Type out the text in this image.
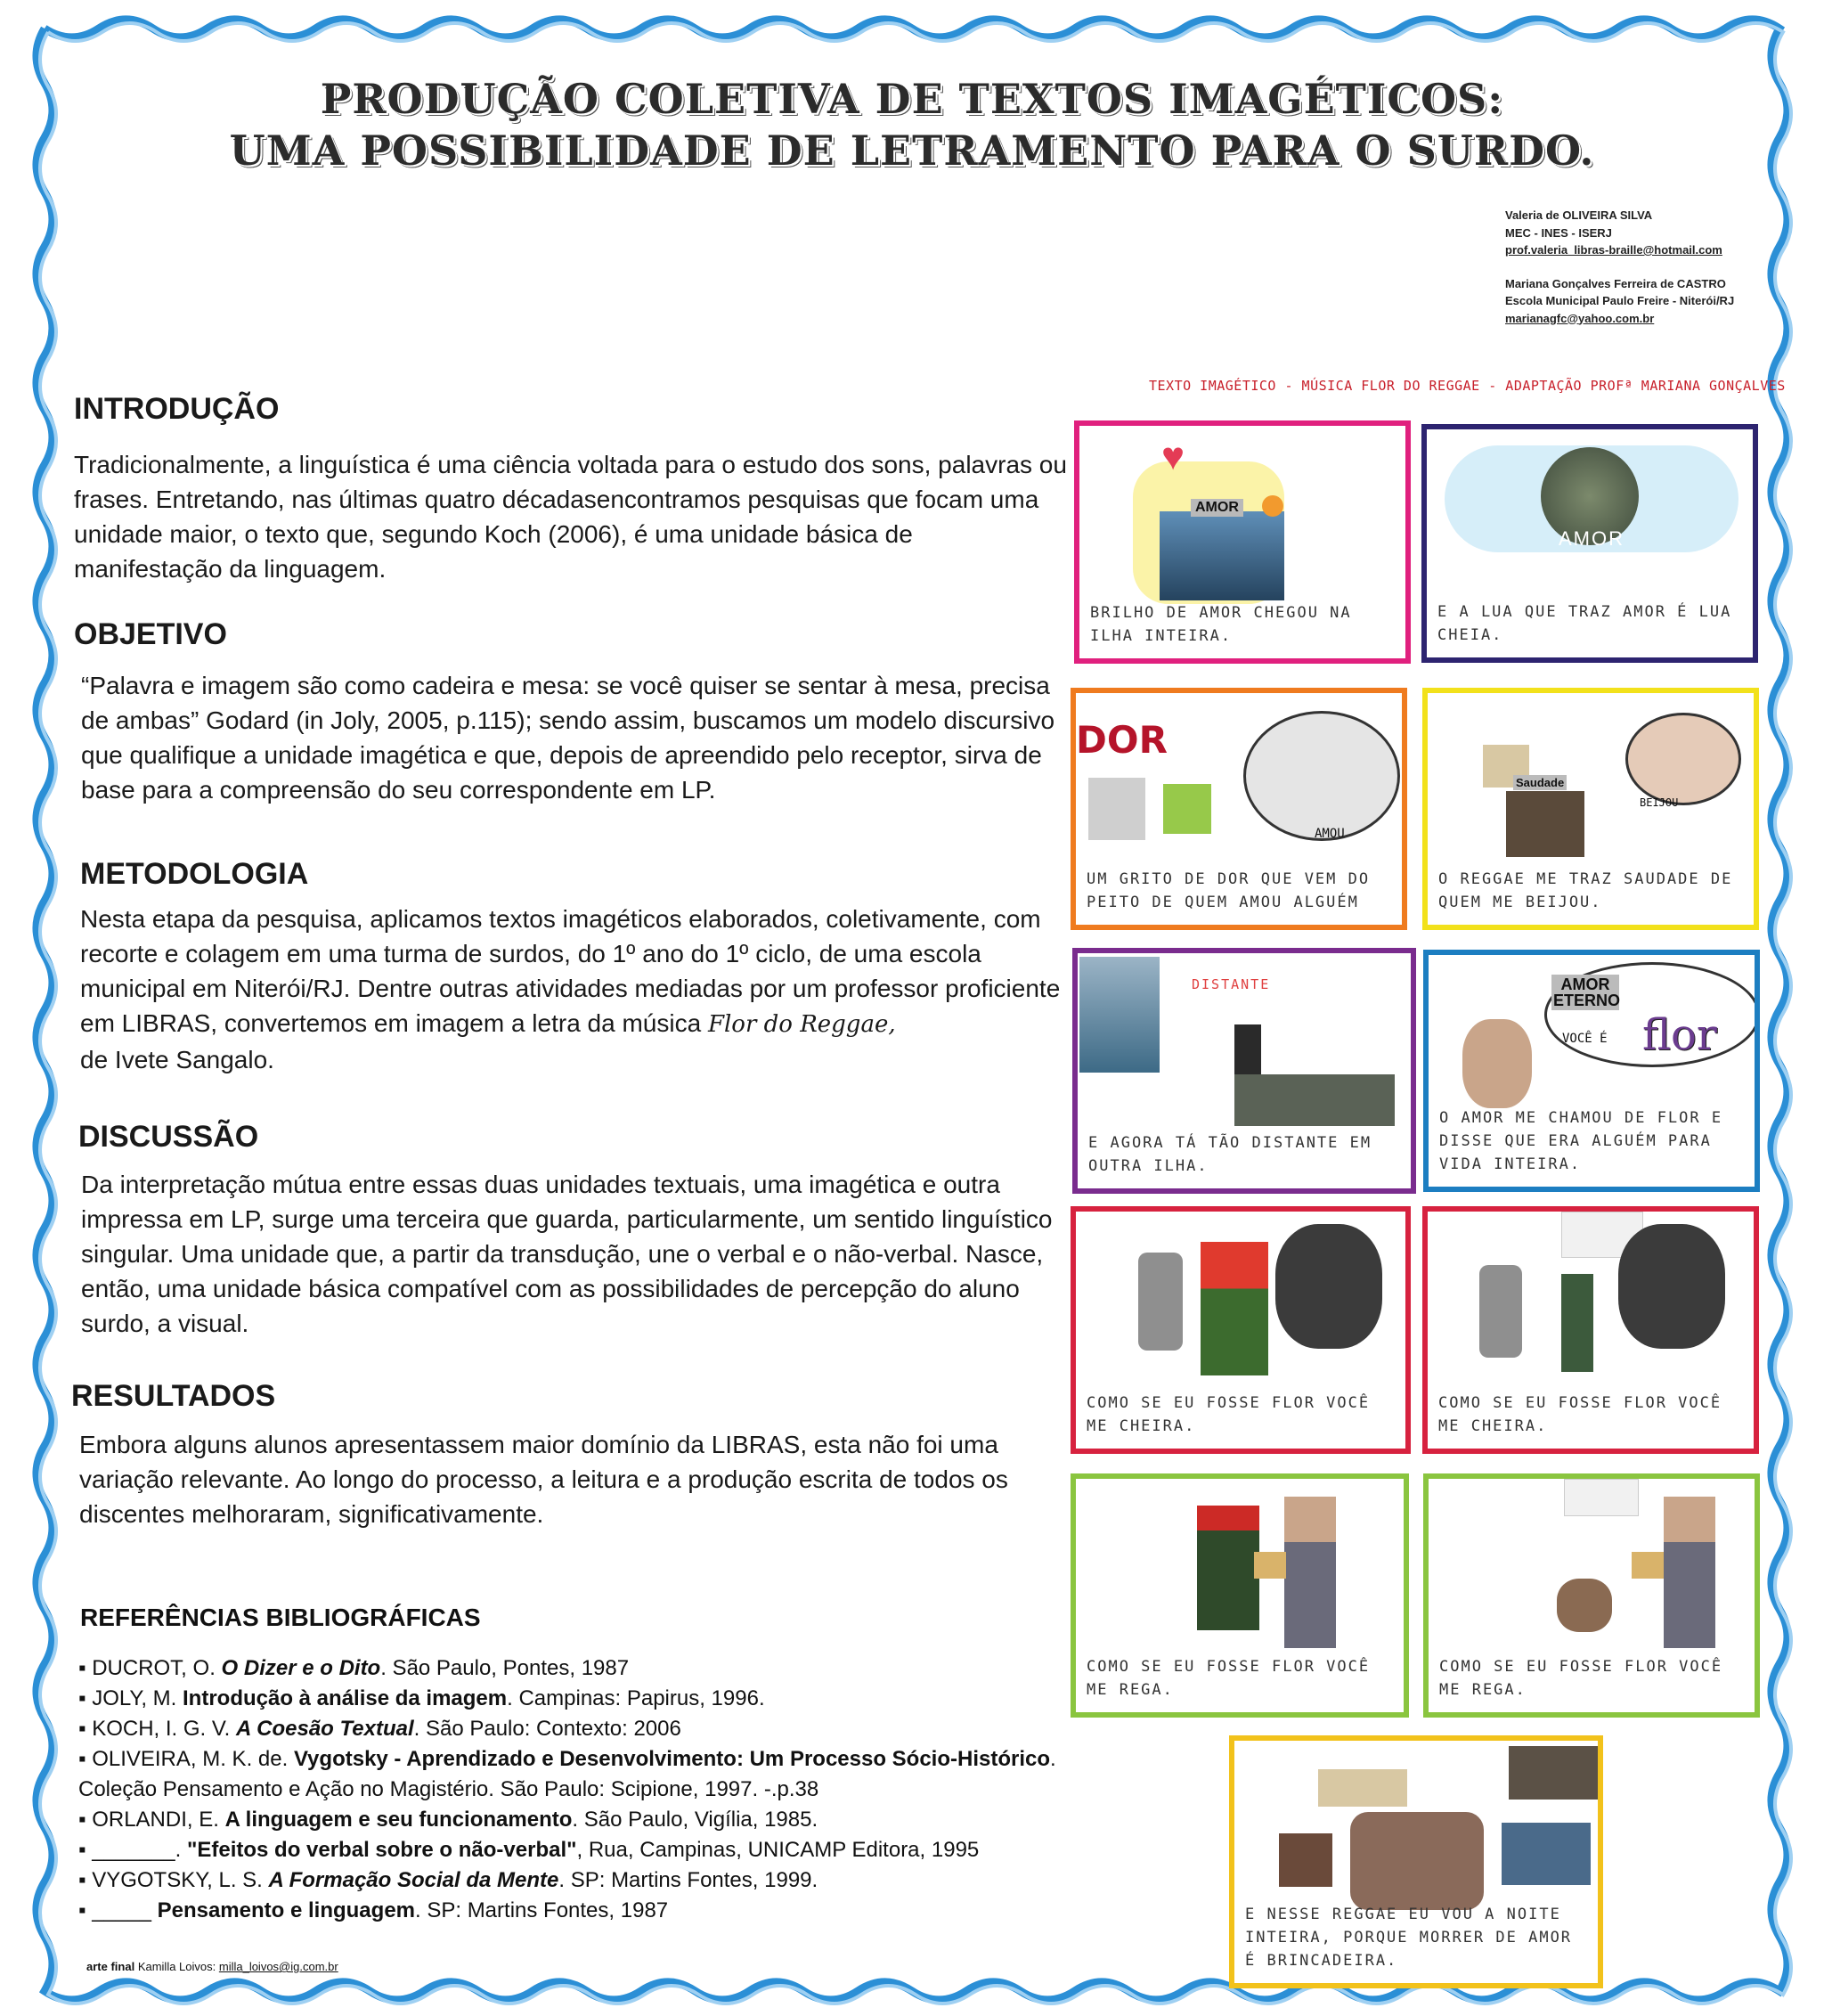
PRODUÇÃO COLETIVA DE TEXTOS IMAGÉTICOS:
UMA POSSIBILIDADE DE LETRAMENTO PARA O SURDO.
Valeria de OLIVEIRA SILVA
MEC - INES - ISERJ
prof.valeria_libras-braille@hotmail.com
Mariana Gonçalves Ferreira de CASTRO
Escola Municipal Paulo Freire - Niterói/RJ
marianagfc@yahoo.com.br
INTRODUÇÃO
Tradicionalmente, a linguística é uma ciência voltada para o estudo dos sons, palavras ou frases. Entretando, nas últimas quatro décadasencontramos pesquisas que focam uma unidade maior, o texto que, segundo Koch (2006), é uma unidade básica de manifestação da linguagem.
OBJETIVO
“Palavra e imagem são como cadeira e mesa: se você quiser se sentar à mesa, precisa de ambas” Godard (in Joly, 2005, p.115); sendo assim, buscamos um modelo discursivo que qualifique a unidade imagética e que, depois de apreendido pelo receptor, sirva de base para a compreensão do seu correspondente em LP.
METODOLOGIA
Nesta etapa da pesquisa, aplicamos textos imagéticos elaborados, coletivamente, com recorte e colagem em uma turma de surdos, do 1º ano do 1º ciclo, de uma escola municipal em Niterói/RJ. Dentre outras atividades mediadas por um professor proficiente em LIBRAS, convertemos em imagem a letra da música Flor do Reggae,
de Ivete Sangalo.
DISCUSSÃO
Da interpretação mútua entre essas duas unidades textuais, uma imagética e outra impressa em LP, surge uma terceira que guarda, particularmente, um sentido linguístico singular. Uma unidade que, a partir da transdução, une o verbal e o não-verbal. Nasce, então, uma unidade básica compatível com as possibilidades de percepção do aluno surdo, a visual.
RESULTADOS
Embora alguns alunos apresentassem maior domínio da LIBRAS, esta não foi uma variação relevante. Ao longo do processo, a leitura e a produção escrita de todos os discentes melhoraram, significativamente.
REFERÊNCIAS BIBLIOGRÁFICAS
▪ DUCROT, O. O Dizer e o Dito. São Paulo, Pontes, 1987
▪ JOLY, M. Introdução à análise da imagem. Campinas: Papirus, 1996.
▪ KOCH, I. G. V. A Coesão Textual. São Paulo: Contexto: 2006
▪ OLIVEIRA, M. K. de. Vygotsky - Aprendizado e Desenvolvimento: Um Processo Sócio-Histórico. Coleção Pensamento e Ação no Magistério. São Paulo: Scipione, 1997. -.p.38
▪ ORLANDI, E. A linguagem e seu funcionamento. São Paulo, Vigília, 1985.
▪ _______. "Efeitos do verbal sobre o não-verbal", Rua, Campinas, UNICAMP Editora, 1995
▪ VYGOTSKY, L. S. A Formação Social da Mente. SP: Martins Fontes, 1999.
▪ _____ Pensamento e linguagem. SP: Martins Fontes, 1987
arte final Kamilla Loivos: milla_loivos@ig.com.br
TEXTO IMAGÉTICO - MÚSICA FLOR DO REGGAE - ADAPTAÇÃO PROFª MARIANA GONÇALVES
♥
AMOR
BRILHO DE AMOR CHEGOU NA ILHA INTEIRA.
AMOR
E A LUA QUE TRAZ AMOR É LUA CHEIA.
DOR
AMOU
UM GRITO DE DOR QUE VEM DO PEITO DE QUEM AMOU ALGUÉM
Saudade
BEIJOU
O REGGAE ME TRAZ SAUDADE DE QUEM ME BEIJOU.
DISTANTE
E AGORA TÁ TÃO DISTANTE EM OUTRA ILHA.
AMOR ETERNO
VOCÊ É flor
O AMOR ME CHAMOU DE FLOR E DISSE QUE ERA ALGUÉM PARA VIDA INTEIRA.
COMO SE EU FOSSE FLOR VOCÊ ME CHEIRA.
COMO SE EU FOSSE FLOR VOCÊ ME CHEIRA.
COMO SE EU FOSSE FLOR VOCÊ ME REGA.
COMO SE EU FOSSE FLOR VOCÊ ME REGA.
E NESSE REGGAE EU VOU A NOITE INTEIRA, PORQUE MORRER DE AMOR É BRINCADEIRA.
